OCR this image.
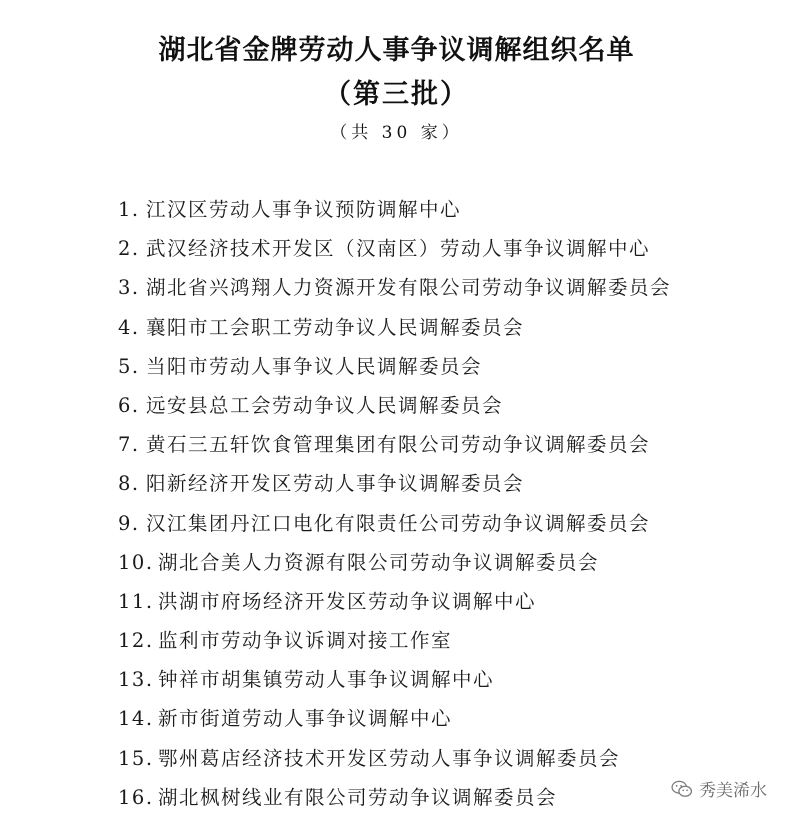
湖北省金牌劳动人事争议调解组织名单
（第三批）
（共 30 家）
1. 江汉区劳动人事争议预防调解中心
2. 武汉经济技术开发区（汉南区）劳动人事争议调解中心
3. 湖北省兴鸿翔人力资源开发有限公司劳动争议调解委员会
4. 襄阳市工会职工劳动争议人民调解委员会
5. 当阳市劳动人事争议人民调解委员会
6. 远安县总工会劳动争议人民调解委员会
7. 黄石三五轩饮食管理集团有限公司劳动争议调解委员会
8. 阳新经济开发区劳动人事争议调解委员会
9. 汉江集团丹江口电化有限责任公司劳动争议调解委员会
10. 湖北合美人力资源有限公司劳动争议调解委员会
11. 洪湖市府场经济开发区劳动争议调解中心
12. 监利市劳动争议诉调对接工作室
13. 钟祥市胡集镇劳动人事争议调解中心
14. 新市街道劳动人事争议调解中心
15. 鄂州葛店经济技术开发区劳动人事争议调解委员会
16. 湖北枫树线业有限公司劳动争议调解委员会	秀美浠水
